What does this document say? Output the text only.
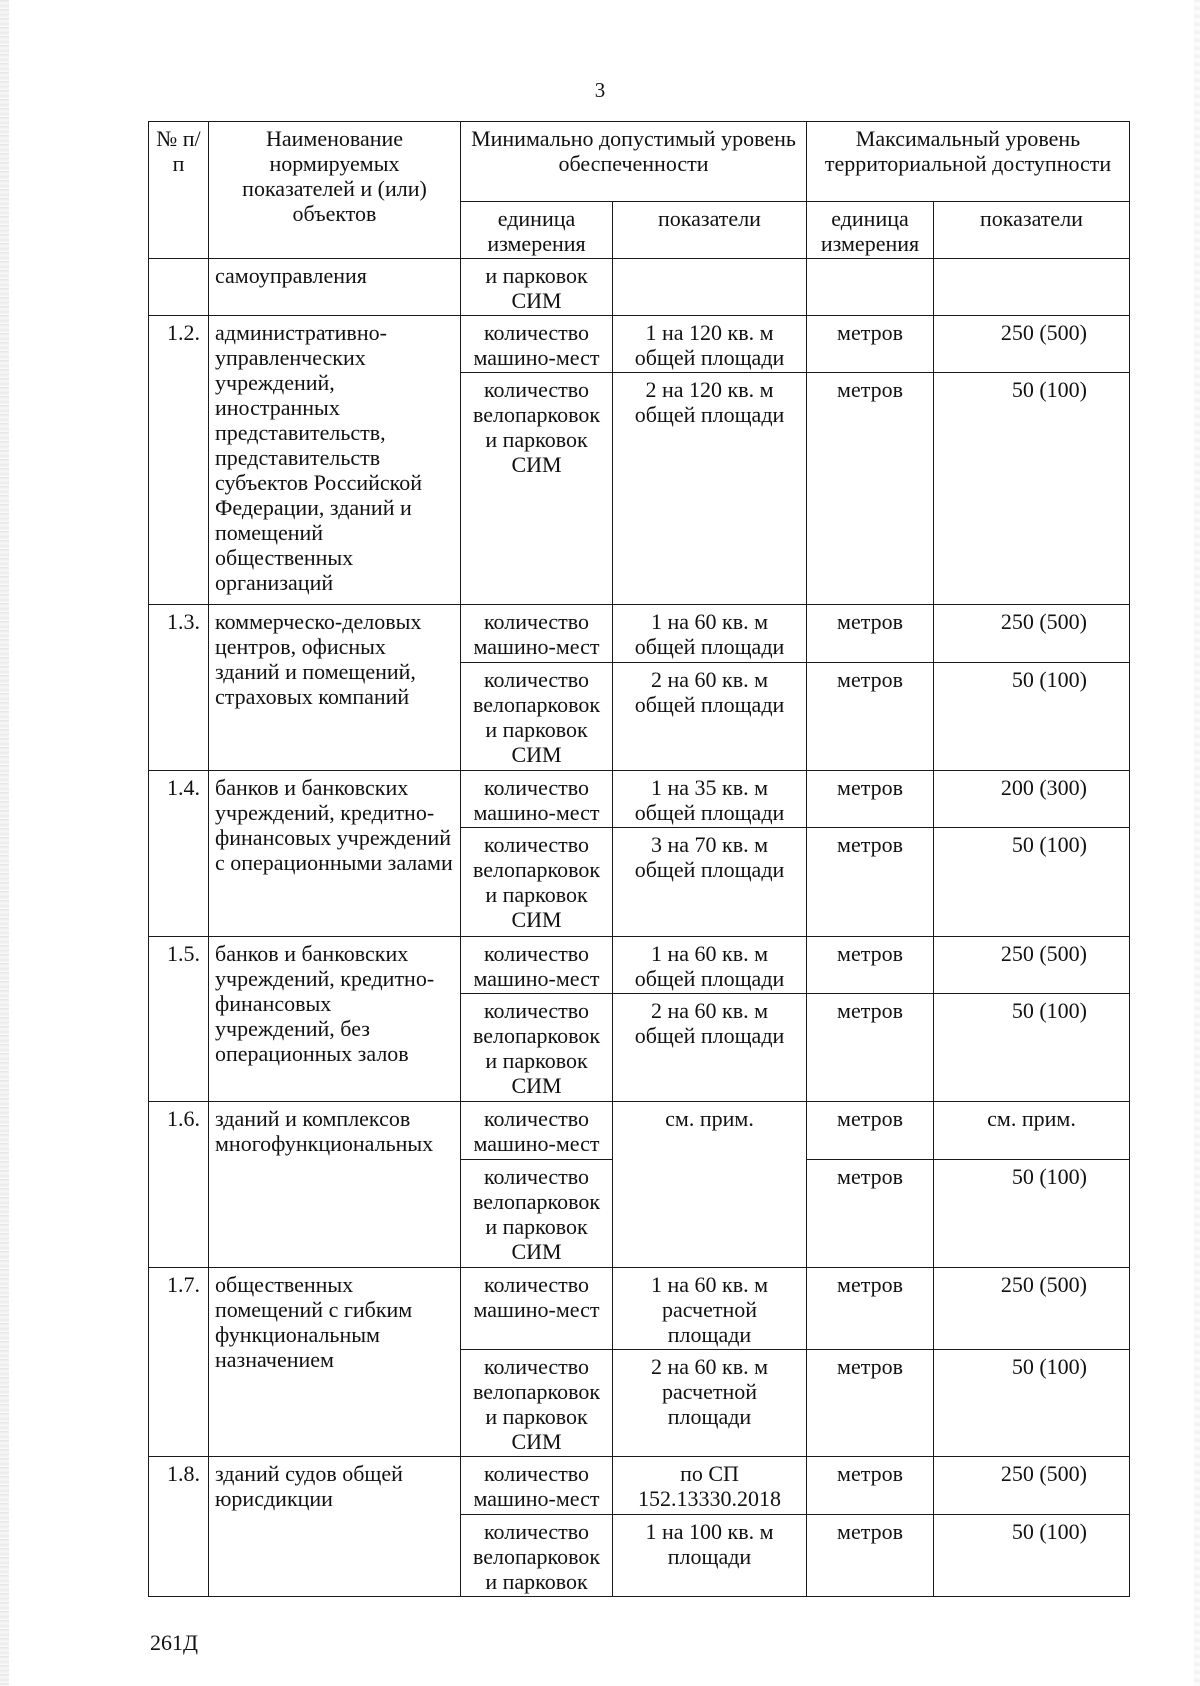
3
№ п/п	Наименование нормируемых показателей и (или) объектов	Минимально допустимый уровень обеспеченности		Максимальный уровень территориальной доступности	
		единица измерения	показатели	единица измерения	показатели
	самоуправления	и парковок СИМ			
1.2.	административно-управленческих учреждений, иностранных представительств, представительств субъектов Российской Федерации, зданий и помещений общественных организаций	количество машино-мест	1 на 120 кв. м общей площади	метров	250 (500)
		количество велопарковок и парковок СИМ	2 на 120 кв. м общей площади	метров	50 (100)
1.3.	коммерческо-деловых центров, офисных зданий и помещений, страховых компаний	количество машино-мест	1 на 60 кв. м общей площади	метров	250 (500)
		количество велопарковок и парковок СИМ	2 на 60 кв. м общей площади	метров	50 (100)
1.4.	банков и банковских учреждений, кредитно-финансовых учреждений с операционными залами	количество машино-мест	1 на 35 кв. м общей площади	метров	200 (300)
		количество велопарковок и парковок СИМ	3 на 70 кв. м общей площади	метров	50 (100)
1.5.	банков и банковских учреждений, кредитно-финансовых учреждений, без операционных залов	количество машино-мест	1 на 60 кв. м общей площади	метров	250 (500)
		количество велопарковок и парковок СИМ	2 на 60 кв. м общей площади	метров	50 (100)
1.6.	зданий и комплексов многофункциональных	количество машино-мест	см. прим.	метров	см. прим.
		количество велопарковок и парковок СИМ		метров	50 (100)
1.7.	общественных помещений с гибким функциональным назначением	количество машино-мест	1 на 60 кв. м расчетной площади	метров	250 (500)
		количество велопарковок и парковок СИМ	2 на 60 кв. м расчетной площади	метров	50 (100)
1.8.	зданий судов общей юрисдикции	количество машино-мест	по СП 152.13330.2018	метров	250 (500)
		количество велопарковок и парковок	1 на 100 кв. м площади	метров	50 (100)
261Д
